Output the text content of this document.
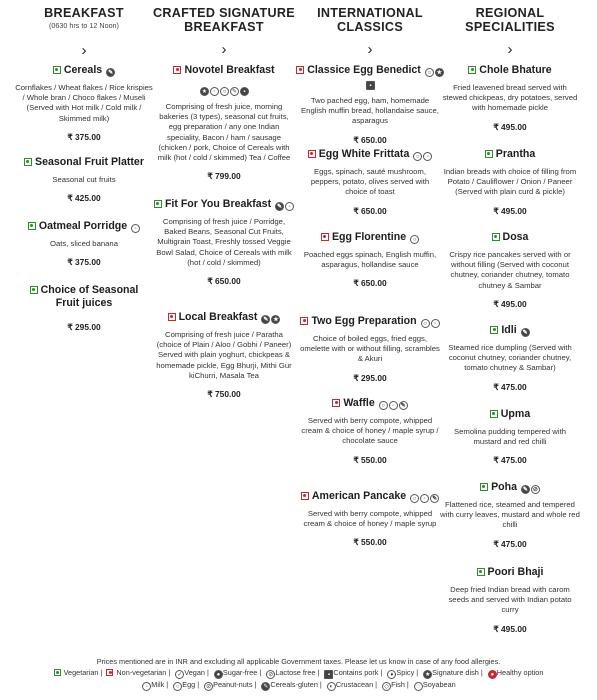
BREAKFAST
(0630 hrs to 12 Noon)
›
Cereals ✎
Cornflakes / Wheat flakes / Rice krispies / Whole bran / Choco flakes / Museli (Served with Hot milk / Cold milk / Skimmed milk)
₹ 375.00
Seasonal Fruit Platter
Seasonal cut fruits
₹ 425.00
Oatmeal Porridge ◦
Oats, sliced banana
₹ 375.00
Choice of Seasonal
Fruit juices
₹ 295.00
CRAFTED SIGNATURE
BREAKFAST
›
Novotel Breakfast
★ ◦ ○ ✎ ▪
Comprising of fresh juice, morning bakeries (3 types), seasonal cut fruits, egg preparation / any one Indian speciality, Bacon / ham / sausage (chicken / pork, Choice of Cereals with milk (hot / cold / skimmed) Tea / Coffee
₹ 799.00
Fit For You Breakfast ✎ ◦
Comprising of fresh juice / Porridge, Baked Beans, Seasonal Cut Fruits, Multigrain Toast, Freshly tossed Veggie Bowl Salad, Choice of Cereals with milk (hot / cold / skimmed)
₹ 650.00
Local Breakfast ✎ ★
Comprising of fresh juice / Paratha (choice of Plain / Aloo / Gobhi / Paneer) Served with plain yoghurt, chickpeas & homemade pickle, Egg Bhurji, Mithi Gur kiChurri, Masala Tea
₹ 750.00
INTERNATIONAL
CLASSICS
›
Classice Egg Benedict ○ ★▪
Two pached egg, ham, homemade English muffin bread, hollandaise sauce, asparagus
₹ 650.00
Egg White Frittata ○ ◦
Eggs, spinach, sauté mushroom, peppers, potato, olives served with choice of toast
₹ 650.00
Egg Florentine ○
Poached eggs spinach, English muffin, asparagus, hollandise sauce
₹ 650.00
Two Egg Preparation ○ ◦
Choice of boiled eggs, fried eggs, omelette with or without filling, scrambles & Akuri
₹ 295.00
Waffle ○ ◦ ✎
Served with berry compote, whipped cream & choice of honey / maple syrup / chocolate sauce
₹ 550.00
American Pancake ○ ◦ ✎
Served with berry compote, whipped cream & choice of honey / maple syrup
₹ 550.00
REGIONAL
SPECIALITIES
›
Chole Bhature
Fried leavened bread served with stewed chickpeas, dry potatoes, served with homemade pickle
₹ 495.00
Prantha
Indian breads with choice of filling from Potato / Cauliflower / Onion / Paneer (Served with plain curd & pickle)
₹ 495.00
Dosa
Crispy rice pancakes served with or without filling (Served with coconut chutney, coriander chutney, tomato chutney & Sambar
₹ 495.00
Idli ✎
Steamed rice dumpling (Served with coconut chutney, coriander chutney, tomato chutney & Sambar)
₹ 475.00
Upma
Semolina pudding tempered with mustard and red chilli
₹ 475.00
Poha ✎ ⊘
Flattened rice, steamed and tempered with curry leaves, mustard and whole red chilli
₹ 475.00
Poori Bhaji
Deep fried Indian bread with carom seeds and served with Indian potato curry
₹ 495.00
Prices mentioned are in INR and excluding all applicable Government taxes. Please let us know in case of any food allergies.
Vegetarian | Non-vegetarian | ✓ Vegan | ● Sugar-free | ⊘ Lactose free | ▪ Contains pork | ♦ Spicy | ★ Signature dish | ● Healthy option
◦ Milk | ○ Egg | ⊘ Peanut-nuts | ✎ Cereals-gluten | ◐ Crustacean | ◇ Fish | ◌ Soyabean
